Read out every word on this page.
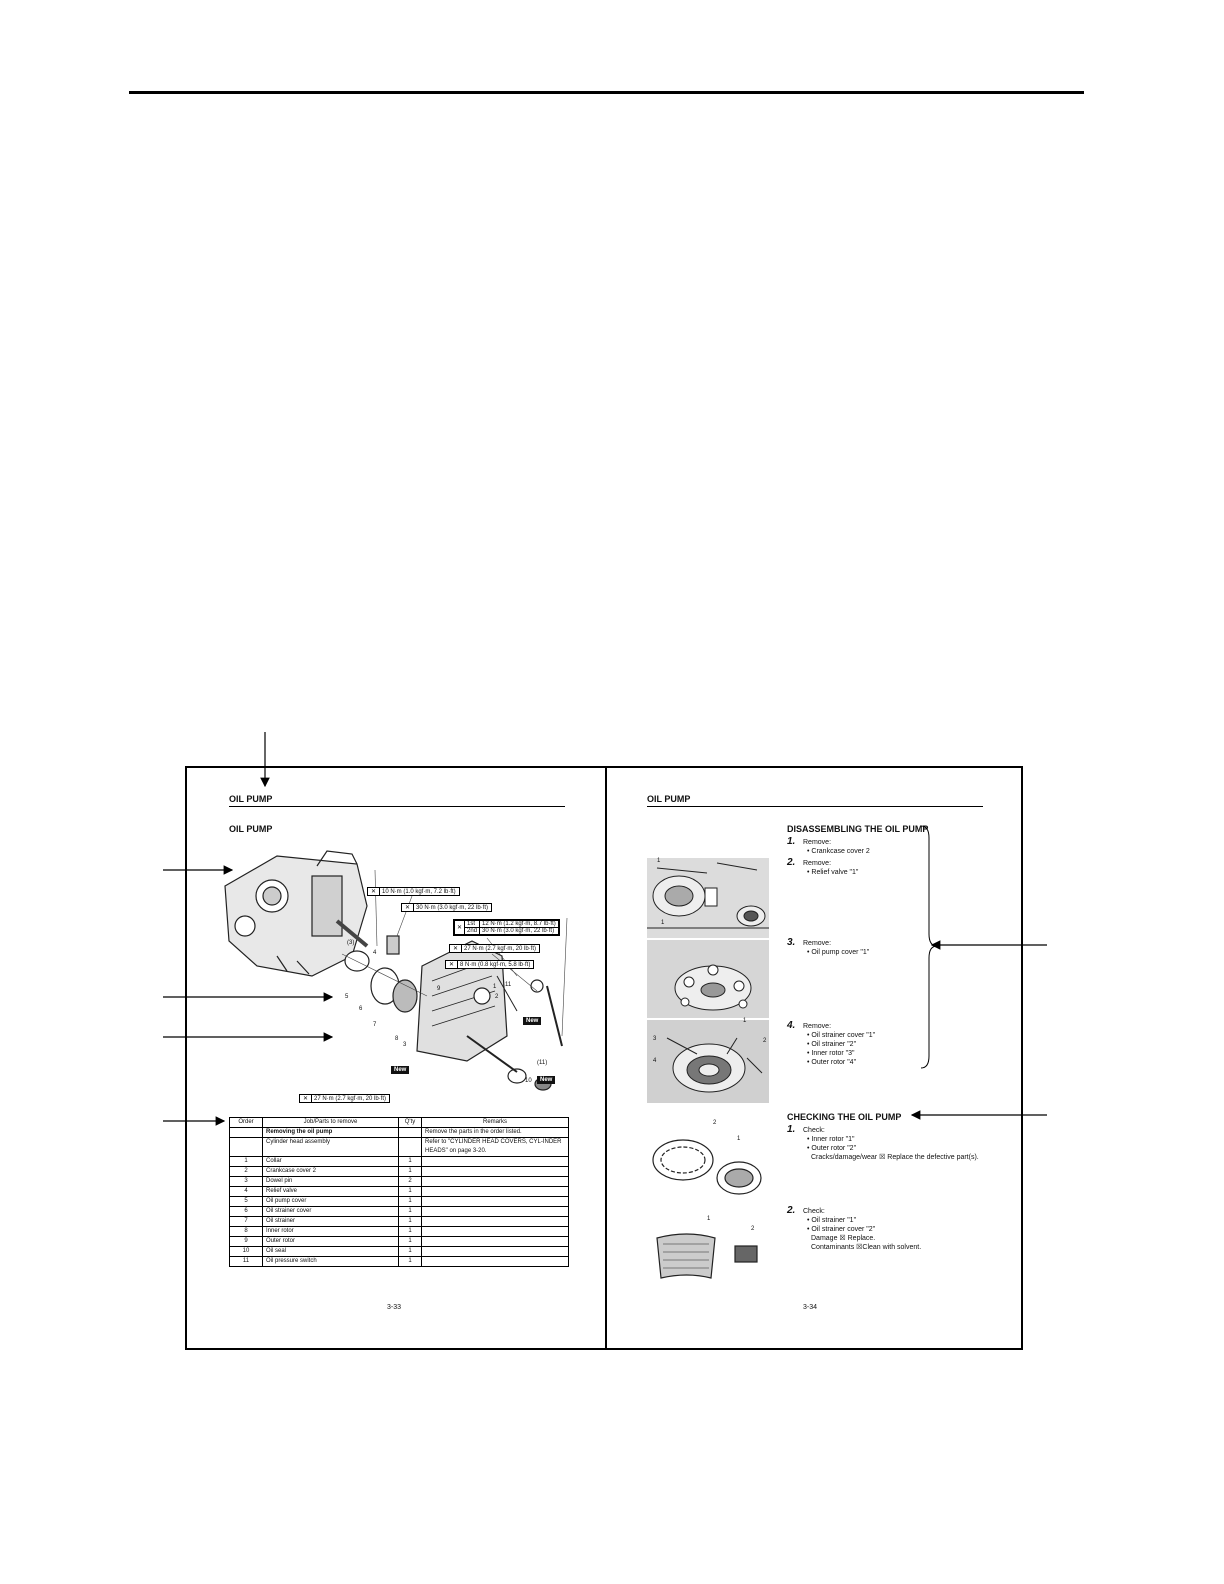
OIL PUMP
OIL PUMP
✕ 10 N·m (1.0 kgf·m, 7.2 lb·ft)
✕ 30 N·m (3.0 kgf·m, 22 lb·ft)
✕	1st	12 N·m (1.2 kgf·m, 8.7 lb·ft)
	2nd	30 N·m (3.0 kgf·m, 22 lb·ft)
✕ 27 N·m (2.7 kgf·m, 20 lb·ft)
✕ 8 N·m (0.8 kgf·m, 5.8 lb·ft)
✕ 27 N·m (2.7 kgf·m, 20 lb·ft)
New
New
New
1
2
3
4
5
6
7
8
9
10
11
(3)
(11)
Order	Job/Parts to remove	Q'ty	Remarks
	Removing the oil pump		Remove the parts in the order listed.
	Cylinder head assembly		Refer to "CYLINDER HEAD COVERS, CYL-INDER HEADS" on page 3-20.
1	Collar	1	
2	Crankcase cover 2	1	
3	Dowel pin	2	
4	Relief valve	1	
5	Oil pump cover	1	
6	Oil strainer cover	1	
7	Oil strainer	1	
8	Inner rotor	1	
9	Outer rotor	1	
10	Oil seal	1	
11	Oil pressure switch	1	
3-33
OIL PUMP
1
1
1
3	2
4
2
1
1
2
DISASSEMBLING THE OIL PUMP
1. Remove:
• Crankcase cover 2
2. Remove:
• Relief valve "1"
3. Remove:
• Oil pump cover "1"
4. Remove:
• Oil strainer cover "1"
• Oil strainer "2"
• Inner rotor "3"
• Outer rotor "4"
CHECKING THE OIL PUMP
1. Check:
• Inner rotor "1"
• Outer rotor "2"
Cracks/damage/wear ☒ Replace the defective part(s).
2. Check:
• Oil strainer "1"
• Oil strainer cover "2"
Damage ☒ Replace.
Contaminants ☒Clean with solvent.
3-34
